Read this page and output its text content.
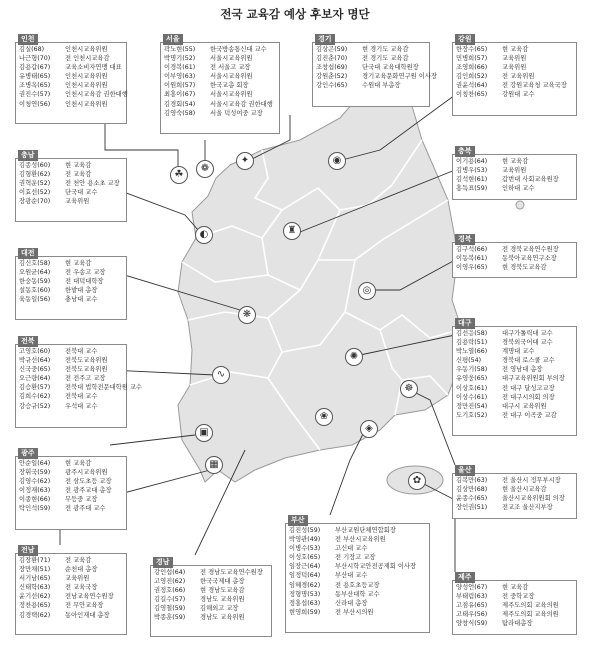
전국 교육감 예상 후보자 명단
☘
❁
✦	◉
◐	♜
❋
◎
∿
✺
▣
☸
▦
❀
◈
✿
인천
김실(68)	인천시교육위원
나근형(70)	전 인천시교육감
김용갑(67)	교육소비자연맹 대표
유병태(65)	인천시교육위원
조병옥(65)	인천시교육위원
권진수(57)	인천시교육감 권한대행
이청연(56)	인천시교육위원
서울
곽노현(55)	한국방송통신대 교수
박명기(52)	서울시교육위원
이경복(61)	전 서울고 교장
이부영(63)	서울시교육위원
이원희(57)	한국교총 회장
최홍이(67)	서울시교육위원
김경회(54)	서울시교육감 권한대행
김영숙(58)	서울 덕성여중 교장
경기
김상곤(59)	현 경기도 교육감
김진춘(70)	전 경기도 교육감
조창섭(69)	단국대 교육대학원장
강원춘(52)	경기교육문화연구원 이사장
강인수(65)	수원대 부총장
강원
한장수(65)	현 교육감
민병희(57)	교육위원
조영희(66)	교육위원
김인희(52)	전 교육위원
권윤석(64)	전 강원교육청 교육국장
이칭찬(65)	강원대 교수
충남
김종성(60)	현 교육감
김형환(62)	전 교육감
권혁운(52)	전 천안 용소초 교장
이효선(52)	단국대 교수
장광순(70)	교육위원
충북
이기용(64)	현 교육감
김병우(53)	교육위원
김석현(61)	갑번대 사회교육원장
홍득표(59)	인하대 교수
대전
김신호(58)	현 교육감
오원균(64)	전 우송고 교장
한숭동(59)	전 대덕대학장
설동호(60)	한밭대 총장
육동일(56)	충남대 교수
경북
김구석(66)	전 경북교육연수원장
이동복(61)	동북아교육연구소장
이영우(65)	현 경북도교육감
전북
고영호(60)	전북대 교수
박규선(64)	전북도교육위원
신국중(65)	전북도교육위원
오근량(64)	전 전주고 교장
김승환(57)	전북대 법학전문대학원 교수
김희수(62)	전북대 교수
강승규(52)	우석대 교수
대구
김선응(58)	대구가톨릭대 교수
김용락(51)	경북외국어대 교수
박노열(66)	계명대 교수
신평(54)	경북대 로스쿨 교수
우동기(58)	전 영남대 총장
유영웅(65)	대구교육위원회 부의장
이상호(61)	전 대구 달성고교장
이상수(61)	전 대구시의회 의장
정만진(54)	대구시 교육위원
도기호(52)	전 대구 이곡중 교감
광주
안순일(64)	현 교육감
장휘국(59)	광주시교육위원
김영수(62)	전 삼도초등 교장
이정재(63)	전 광주교대 총장
이종현(66)	무등중 교장
탁인석(59)	전 광주대 교수
울산
김복만(63)	전 울산시 정무부시장
김상만(68)	현 울산시교육감
윤종수(65)	울산시교육위원회 의장
장인권(51)	전교조 울산지부장
전남
김장환(71)	전 교육감
장만채(51)	순천대 총장
서기남(65)	교육위원
신태학(63)	전 교육국장
윤기선(62)	전남교육연수원장
정찬용(65)	전 무안교육장
김경택(62)	동아인재대 총장
경남
강인섭(64)	전 경남도교육연수원장
고영진(62)	한국국제대 총장
권정호(66)	현 경남도교육감
김길수(57)	경남도 교육위원
김영철(59)	김해외고 교장
박종훈(59)	경남도 교육위원
부산
김진성(59)	부산교원단체연합회장
박영관(49)	전 부산시교육위원
이병수(53)	고신대 교수
이성호(65)	전 기장고 교장
임장근(64)	부산시학교안전공제회 이사장
임정덕(64)	부산대 교수
임혜경(62)	전 용호초등교장
정형명(53)	동부산대학 교수
정홍섭(63)	신라대 총장
현영희(59)	전 부산시의원
제주
양성언(67)	현 교육감
부태림(63)	전 중학교장
고점유(65)	제주도의회 교육의원
고태우(56)	제주도의회 교육의원
양창식(59)	탐라대총장
